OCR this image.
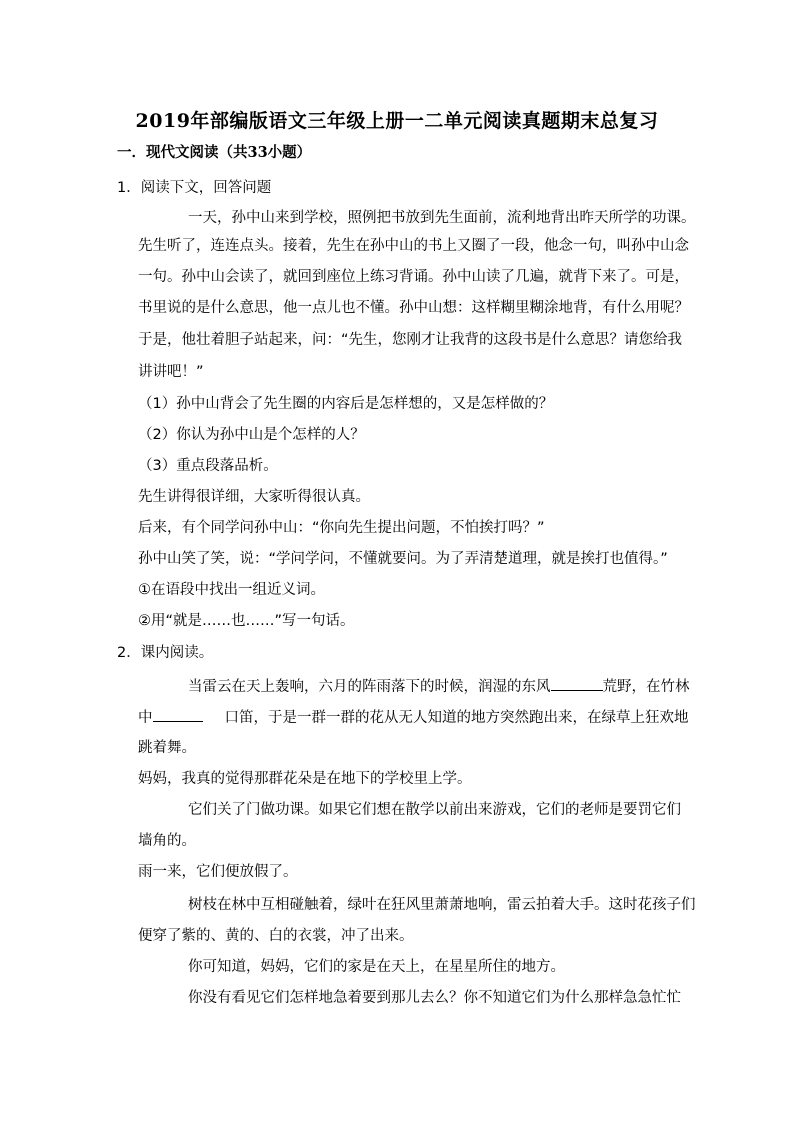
2019年部编版语文三年级上册一二单元阅读真题期末总复习
一．现代文阅读（共33小题）
1．阅读下文，回答问题
一天，孙中山来到学校，照例把书放到先生面前，流利地背出昨天所学的功课。
先生听了，连连点头。接着，先生在孙中山的书上又圈了一段，他念一句，叫孙中山念
一句。孙中山会读了，就回到座位上练习背诵。孙中山读了几遍，就背下来了。可是，
书里说的是什么意思，他一点儿也不懂。孙中山想：这样糊里糊涂地背，有什么用呢？
于是，他壮着胆子站起来，问：“先生，您刚才让我背的这段书是什么意思？请您给我
讲讲吧！”
（1）孙中山背会了先生圈的内容后是怎样想的，又是怎样做的？
（2）你认为孙中山是个怎样的人？
（3）重点段落品析。
先生讲得很详细，大家听得很认真。
后来，有个同学问孙中山：“你向先生提出问题，不怕挨打吗？”
孙中山笑了笑，说：“学问学问，不懂就要问。为了弄清楚道理，就是挨打也值得。”
①在语段中找出一组近义词。
②用“就是……也……”写一句话。
2．课内阅读。
当雷云在天上轰响，六月的阵雨落下的时候，润湿的东风	荒野，在竹林
中	口笛，于是一群一群的花从无人知道的地方突然跑出来，在绿草上狂欢地
跳着舞。
妈妈，我真的觉得那群花朵是在地下的学校里上学。
它们关了门做功课。如果它们想在散学以前出来游戏，它们的老师是要罚它们
墙角的。
雨一来，它们便放假了。
树枝在林中互相碰触着，绿叶在狂风里萧萧地响，雷云拍着大手。这时花孩子们
便穿了紫的、黄的、白的衣裳，冲了出来。
你可知道，妈妈，它们的家是在天上，在星星所住的地方。
你没有看见它们怎样地急着要到那儿去么？你不知道它们为什么那样急急忙忙
